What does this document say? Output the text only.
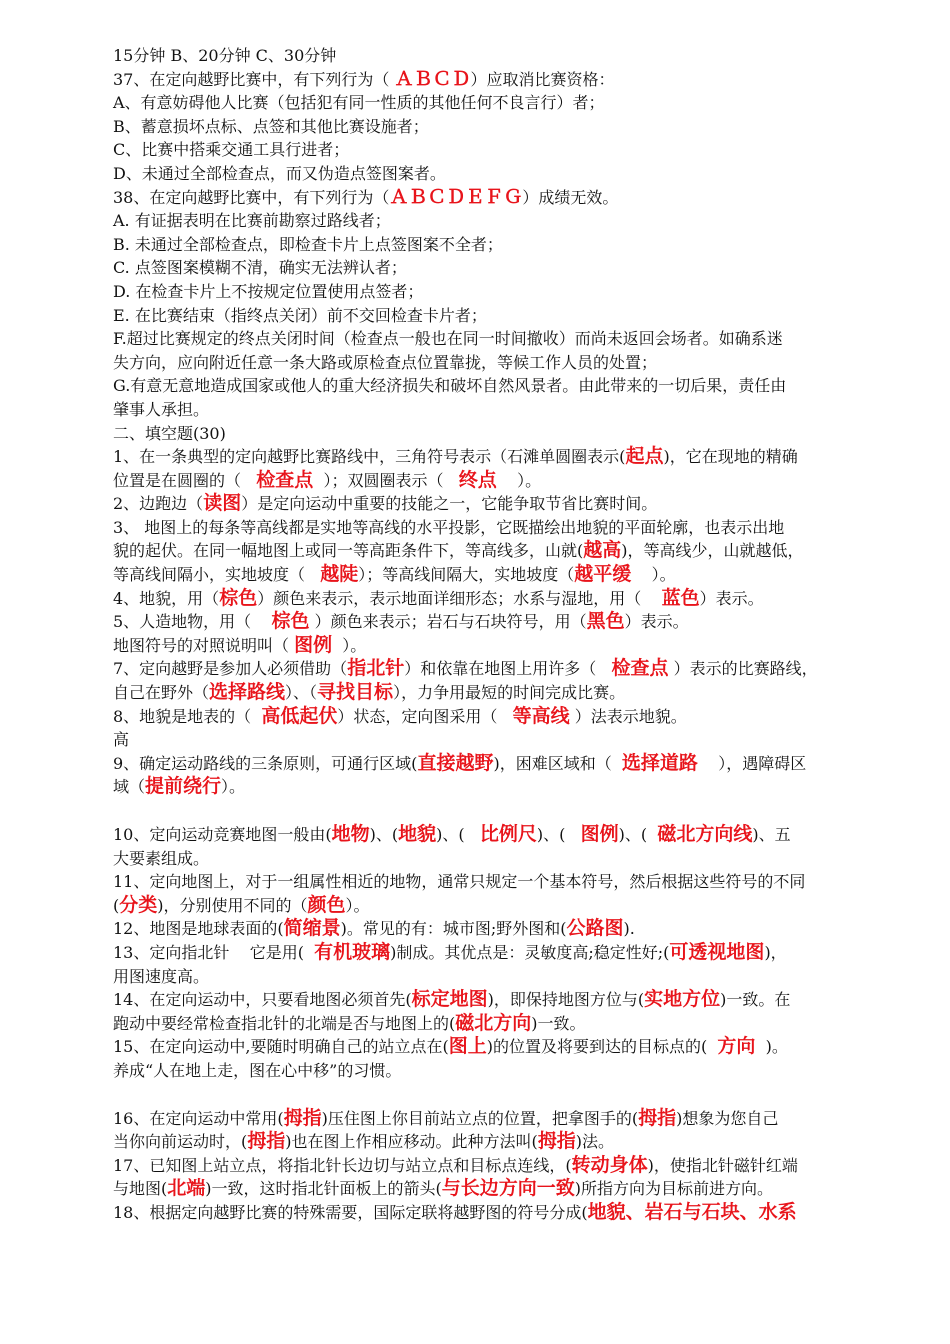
15分钟 B、20分钟 C、30分钟
37、在定向越野比赛中，有下列行为（ ＡＢＣＤ）应取消比赛资格：
A、有意妨碍他人比赛（包括犯有同一性质的其他任何不良言行）者；
B、蓄意损坏点标、点签和其他比赛设施者；
C、比赛中搭乘交通工具行进者；
D、未通过全部检查点，而又伪造点签图案者。
38、在定向越野比赛中，有下列行为（ＡＢＣＤＥＦＧ）成绩无效。
A. 有证据表明在比赛前勘察过路线者；
B. 未通过全部检查点，即检查卡片上点签图案不全者；
C. 点签图案模糊不清，确实无法辨认者；
D. 在检查卡片上不按规定位置使用点签者；
E. 在比赛结束（指终点关闭）前不交回检查卡片者；
F.超过比赛规定的终点关闭时间（检查点一般也在同一时间撤收）而尚未返回会场者。如确系迷
失方向，应向附近任意一条大路或原检查点位置靠拢，等候工作人员的处置；
G.有意无意地造成国家或他人的重大经济损失和破坏自然风景者。由此带来的一切后果，责任由
肇事人承担。
二、填空题(30)
1、在一条典型的定向越野比赛路线中，三角符号表示（石滩单圆圈表示(起点)，它在现地的精确
位置是在圆圈的（   检查点  ）；双圆圈表示（   终点    ）。
2、边跑边（读图）是定向运动中重要的技能之一，它能争取节省比赛时间。
3、 地图上的每条等高线都是实地等高线的水平投影，它既描绘出地貌的平面轮廓，也表示出地
貌的起伏。在同一幅地图上或同一等高距条件下，等高线多，山就(越高)，等高线少，山就越低，
等高线间隔小，实地坡度（   越陡）；等高线间隔大，实地坡度（越平缓    ）。
4、地貌，用（棕色）颜色来表示，表示地面详细形态；水系与湿地，用（    蓝色）表示。
5、人造地物，用（    棕色 ）颜色来表示；岩石与石块符号，用（黑色）表示。
地图符号的对照说明叫（ 图例  ）。
7、定向越野是参加人必须借助（指北针）和依靠在地图上用许多（   检查点 ）表示的比赛路线，
自己在野外（选择路线）、（寻找目标），力争用最短的时间完成比赛。
8、地貌是地表的（  高低起伏）状态，定向图采用（   等高线 ）法表示地貌。
高
9、确定运动路线的三条原则，可通行区域(直接越野)，困难区域和（  选择道路    ），遇障碍区
域（提前绕行）。
10、定向运动竞赛地图一般由(地物)、(地貌)、(   比例尺)、(   图例)、(  磁北方向线)、五
大要素组成。
11、定向地图上，对于一组属性相近的地物，通常只规定一个基本符号，然后根据这些符号的不同
(分类)，分别使用不同的（颜色）。
12、地图是地球表面的(简缩景)。常见的有：城市图;野外图和(公路图).
13、定向指北针    它是用(  有机玻璃)制成。其优点是：灵敏度高;稳定性好;(可透视地图)，
用图速度高。
14、在定向运动中，只要看地图必须首先(标定地图)，即保持地图方位与(实地方位)一致。在
跑动中要经常检查指北针的北端是否与地图上的(磁北方向)一致。
15、在定向运动中,要随时明确自己的站立点在(图上)的位置及将要到达的目标点的(  方向  )。
养成“人在地上走，图在心中移”的习惯。
16、在定向运动中常用(拇指)压住图上你目前站立点的位置，把拿图手的(拇指)想象为您自己
当你向前运动时，(拇指)也在图上作相应移动。此种方法叫(拇指)法。
17、已知图上站立点，将指北针长边切与站立点和目标点连线，(转动身体)，使指北针磁针红端
与地图(北端)一致，这时指北针面板上的箭头(与长边方向一致)所指方向为目标前进方向。
18、根据定向越野比赛的特殊需要，国际定联将越野图的符号分成(地貌、岩石与石块、水系
